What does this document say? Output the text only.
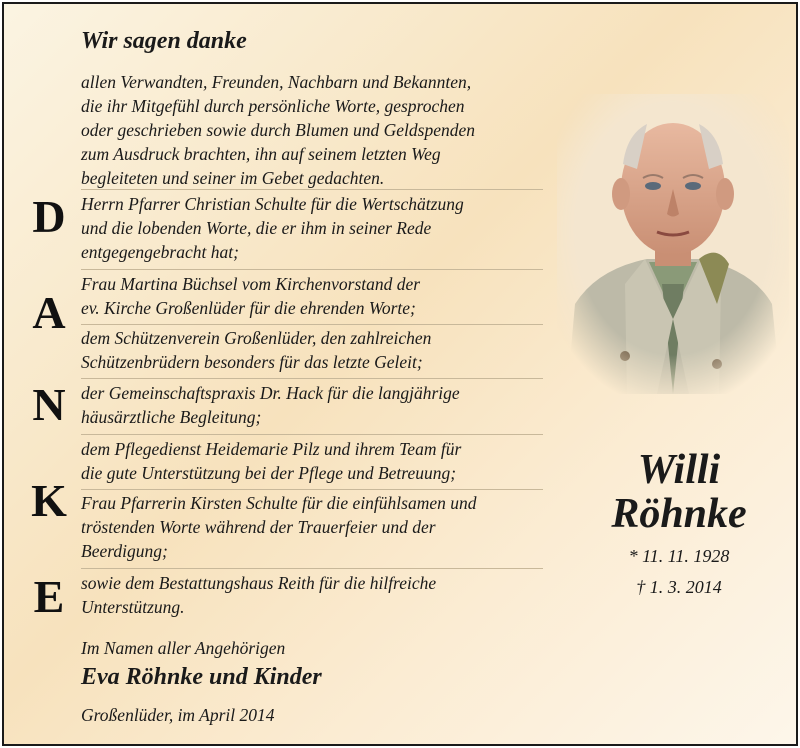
Wir sagen danke
allen Verwandten, Freunden, Nachbarn und Bekannten,
die ihr Mitgefühl durch persönliche Worte, gesprochen
oder geschrieben sowie durch Blumen und Geldspenden
zum Ausdruck brachten, ihn auf seinem letzten Weg
begleiteten und seiner im Gebet gedachten.
Herrn Pfarrer Christian Schulte für die Wertschätzung
und die lobenden Worte, die er ihm in seiner Rede
entgegengebracht hat;
Frau Martina Büchsel vom Kirchenvorstand der
ev. Kirche Großenlüder für die ehrenden Worte;
dem Schützenverein Großenlüder, den zahlreichen
Schützenbrüdern besonders für das letzte Geleit;
der Gemeinschaftspraxis Dr. Hack für die langjährige
häusärztliche Begleitung;
dem Pflegedienst Heidemarie Pilz und ihrem Team für
die gute Unterstützung bei der Pflege und Betreuung;
Frau Pfarrerin Kirsten Schulte für die einfühlsamen und
tröstenden Worte während der Trauerfeier und der
Beerdigung;
sowie dem Bestattungshaus Reith für die hilfreiche
Unterstützung.
D
A
N
K
E
Willi
Röhnke
* 11. 11. 1928
† 1. 3. 2014
Im Namen aller Angehörigen
Eva Röhnke und Kinder
Großenlüder, im April 2014
